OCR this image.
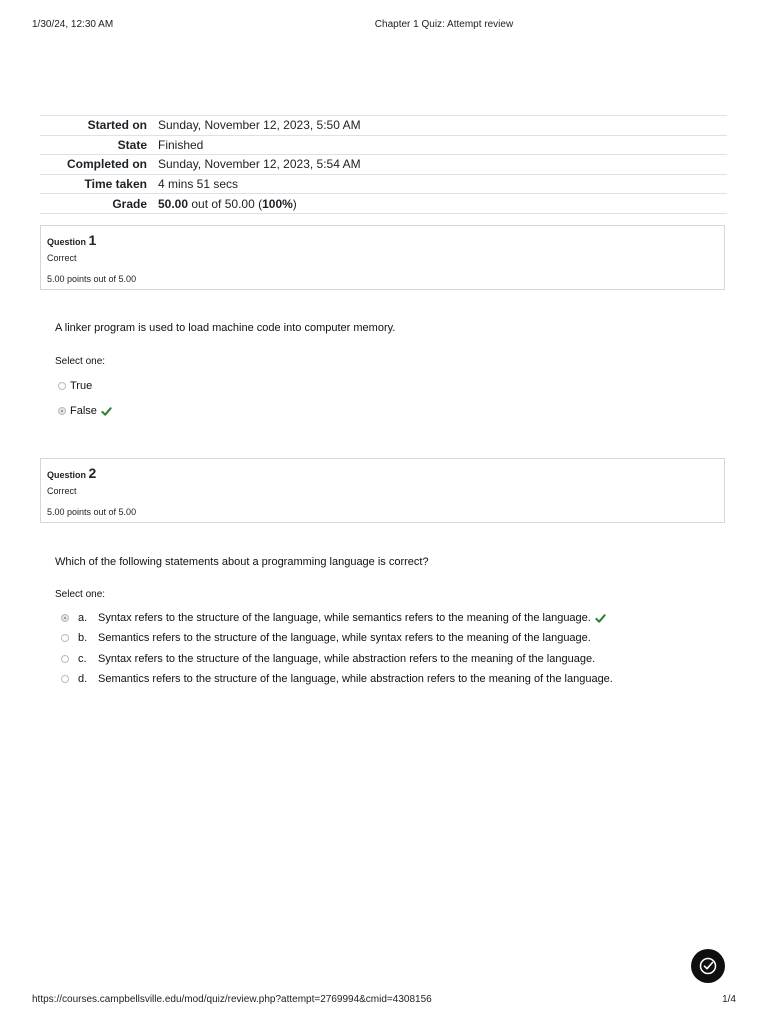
1/30/24, 12:30 AM	Chapter 1 Quiz: Attempt review
Started on	Sunday, November 12, 2023, 5:50 AM
State	Finished
Completed on	Sunday, November 12, 2023, 5:54 AM
Time taken	4 mins 51 secs
Grade	50.00 out of 50.00 (100%)
Question 1
Correct
5.00 points out of 5.00
A linker program is used to load machine code into computer memory.
Select one:
True
False
Question 2
Correct
5.00 points out of 5.00
Which of the following statements about a programming language is correct?
Select one:
a. Syntax refers to the structure of the language, while semantics refers to the meaning of the language.
b. Semantics refers to the structure of the language, while syntax refers to the meaning of the language.
c. Syntax refers to the structure of the language, while abstraction refers to the meaning of the language.
d. Semantics refers to the structure of the language, while abstraction refers to the meaning of the language.
https://courses.campbellsville.edu/mod/quiz/review.php?attempt=2769994&cmid=4308156	1/4
